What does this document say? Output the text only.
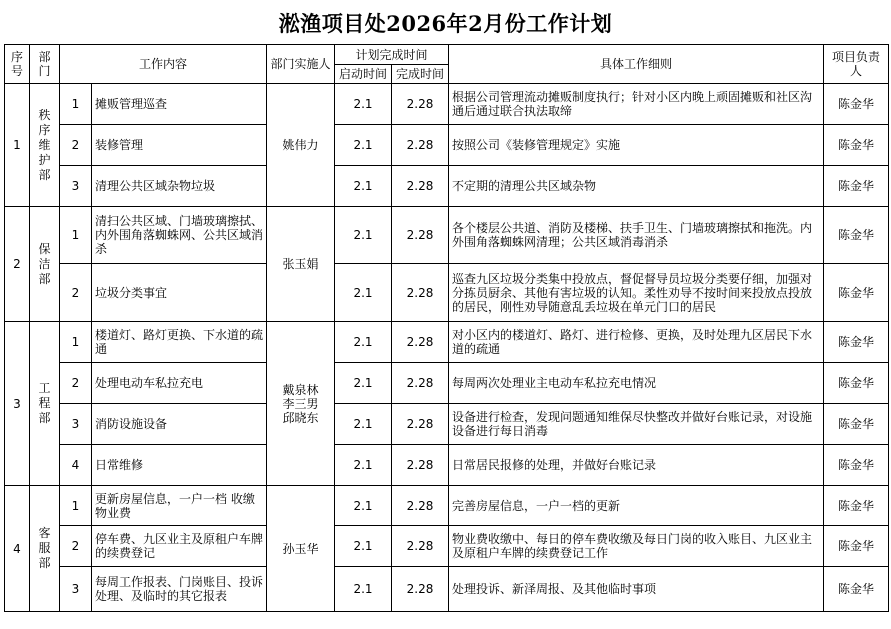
淞渔项目处2026年2月份工作计划
序号	部门	工作内容		部门实施人	计划完成时间		具体工作细则	项目负责人
					启动时间	完成时间		
1	秩
序
维
护
部	1	摊贩管理巡查	姚伟力	2.1	2.28	根据公司管理流动摊贩制度执行；针对小区内晚上顽固摊贩和社区沟通后通过联合执法取缔	陈金华
		2	装修管理		2.1	2.28	按照公司《装修管理规定》实施	陈金华
		3	清理公共区域杂物垃圾		2.1	2.28	不定期的清理公共区域杂物	陈金华
2	保
洁
部	1	清扫公共区域、门墙玻璃擦拭、内外围角落蜘蛛网、公共区域消杀	张玉娟	2.1	2.28	各个楼层公共道、消防及楼梯、扶手卫生、门墙玻璃擦拭和拖洗。内外围角落蜘蛛网清理；公共区域消毒消杀	陈金华
		2	垃圾分类事宜		2.1	2.28	巡查九区垃圾分类集中投放点，督促督导员垃圾分类要仔细，加强对分拣员厨余、其他有害垃圾的认知。柔性劝导不按时间来投放点投放的居民，刚性劝导随意乱丢垃圾在单元门口的居民	陈金华
3	工
程
部	1	楼道灯、路灯更换、下水道的疏通	戴泉林
李三男
邱晓东	2.1	2.28	对小区内的楼道灯、路灯、进行检修、更换，及时处理九区居民下水道的疏通	陈金华
		2	处理电动车私拉充电		2.1	2.28	每周两次处理业主电动车私拉充电情况	陈金华
		3	消防设施设备		2.1	2.28	设备进行检查，发现问题通知维保尽快整改并做好台账记录，对设施设备进行每日消毒	陈金华
		4	日常维修		2.1	2.28	日常居民报修的处理，并做好台账记录	陈金华
4	客
服
部	1	更新房屋信息，一户一档 收缴物业费	孙玉华	2.1	2.28	完善房屋信息，一户一档的更新	陈金华
		2	停车费、九区业主及原租户车牌的续费登记		2.1	2.28	物业费收缴中、每日的停车费收缴及每日门岗的收入账目、九区业主及原租户车牌的续费登记工作	陈金华
		3	每周工作报表、门岗账目、投诉处理、及临时的其它报表		2.1	2.28	处理投诉、新泽周报、及其他临时事项	陈金华
